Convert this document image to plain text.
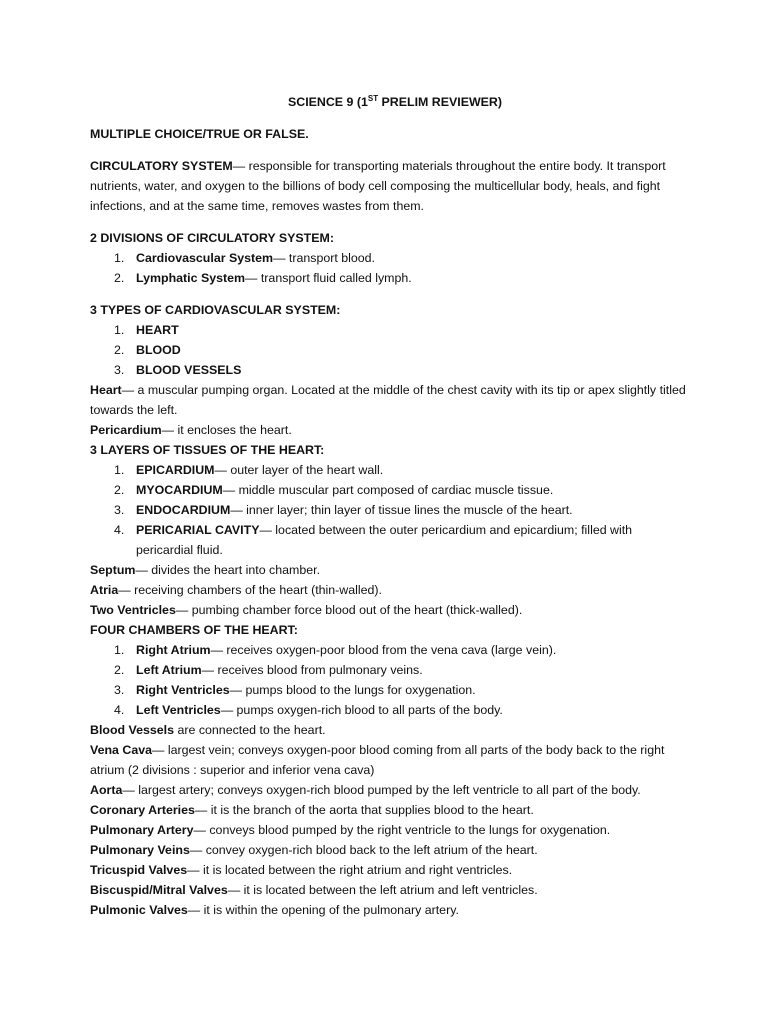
SCIENCE 9 (1ST PRELIM REVIEWER)

MULTIPLE CHOICE/TRUE OR FALSE.

CIRCULATORY SYSTEM— responsible for transporting materials throughout the entire body. It transport nutrients, water, and oxygen to the billions of body cell composing the multicellular body, heals, and fight infections, and at the same time, removes wastes from them.

2 DIVISIONS OF CIRCULATORY SYSTEM:

1. Cardiovascular System— transport blood.
2. Lymphatic System— transport fluid called lymph.

3 TYPES OF CARDIOVASCULAR SYSTEM:

1. HEART
2. BLOOD
3. BLOOD VESSELS

Heart— a muscular pumping organ. Located at the middle of the chest cavity with its tip or apex slightly titled towards the left.

Pericardium— it encloses the heart.

3 LAYERS OF TISSUES OF THE HEART:

1. EPICARDIUM— outer layer of the heart wall.
2. MYOCARDIUM— middle muscular part composed of cardiac muscle tissue.
3. ENDOCARDIUM— inner layer; thin layer of tissue lines the muscle of the heart.
4. PERICARIAL CAVITY— located between the outer pericardium and epicardium; filled with pericardial fluid.

Septum— divides the heart into chamber.

Atria— receiving chambers of the heart (thin-walled).

Two Ventricles— pumbing chamber force blood out of the heart (thick-walled).

FOUR CHAMBERS OF THE HEART:

1. Right Atrium— receives oxygen-poor blood from the vena cava (large vein).
2. Left Atrium— receives blood from pulmonary veins.
3. Right Ventricles— pumps blood to the lungs for oxygenation.
4. Left Ventricles— pumps oxygen-rich blood to all parts of the body.

Blood Vessels are connected to the heart.

Vena Cava— largest vein; conveys oxygen-poor blood coming from all parts of the body back to the right atrium (2 divisions : superior and inferior vena cava)

Aorta— largest artery; conveys oxygen-rich blood pumped by the left ventricle to all part of the body.

Coronary Arteries— it is the branch of the aorta that supplies blood to the heart.

Pulmonary Artery— conveys blood pumped by the right ventricle to the lungs for oxygenation.

Pulmonary Veins— convey oxygen-rich blood back to the left atrium of the heart.

Tricuspid Valves— it is located between the right atrium and right ventricles.

Biscuspid/Mitral Valves— it is located between the left atrium and left ventricles.

Pulmonic Valves— it is within the opening of the pulmonary artery.
